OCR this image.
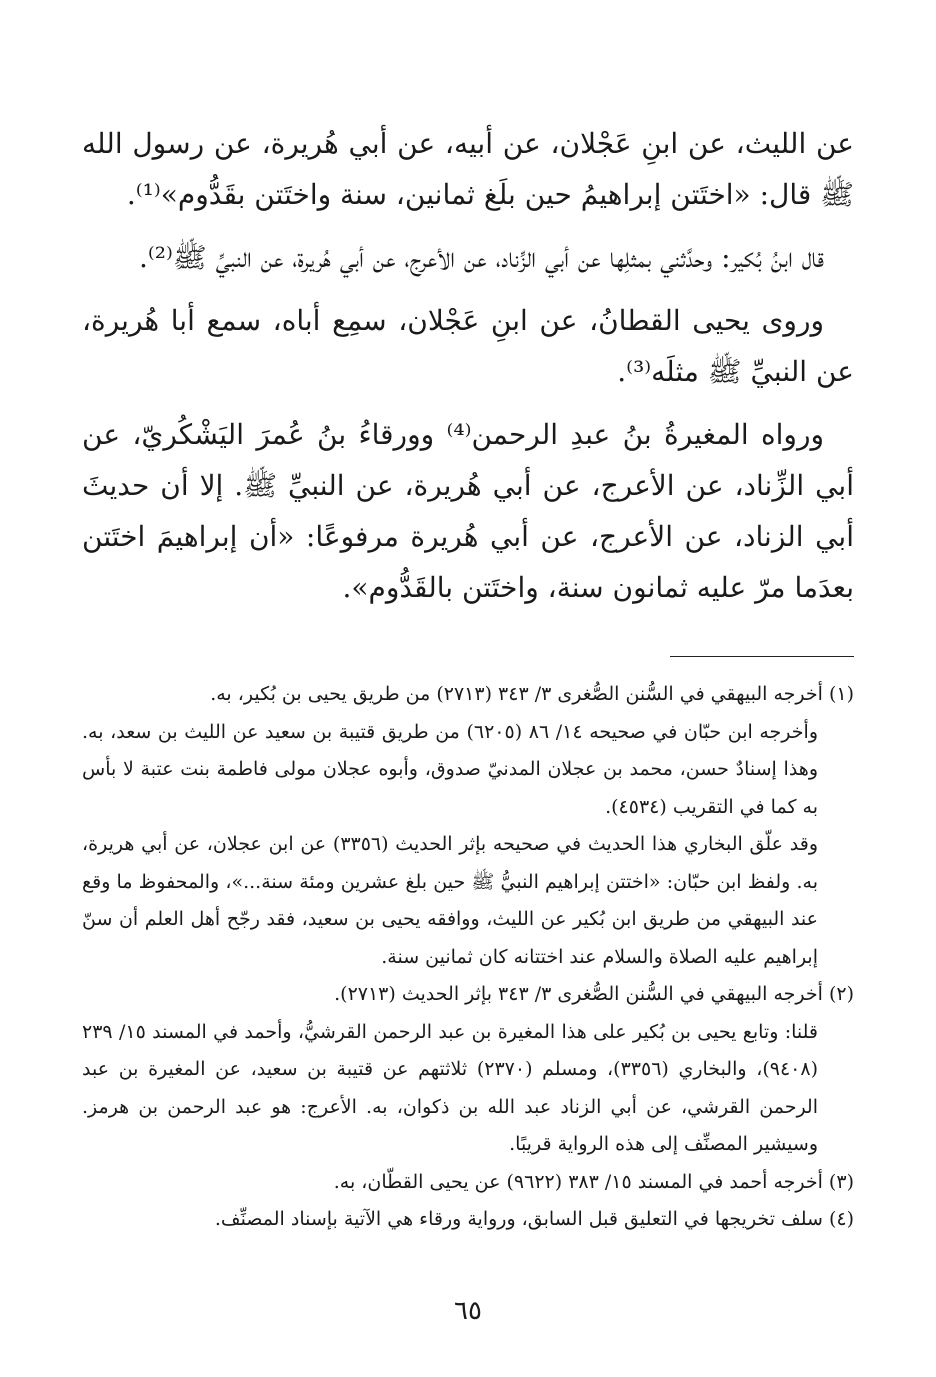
عن الليث، عن ابنِ عَجْلان، عن أبيه، عن أبي هُريرة، عن رسول الله ﷺ قال: «اختَتن إبراهيمُ حين بلَغ ثمانين، سنة واختَتن بقَدُّوم»⁽¹⁾.

قال ابنُ بُكير: وحدَّثني بمثلِها عن أبي الزِّناد، عن الأعرج، عن أبي هُريرة، عن النبيِّ ﷺ⁽²⁾.

وروى يحيى القطانُ، عن ابنِ عَجْلان، سمِع أباه، سمع أبا هُريرة، عن النبيِّ ﷺ مثلَه⁽³⁾.

ورواه المغيرةُ بنُ عبدِ الرحمن⁽⁴⁾ وورقاءُ بنُ عُمرَ اليَشْكُريّ، عن أبي الزِّناد، عن الأعرج، عن أبي هُريرة، عن النبيِّ ﷺ. إلا أن حديثَ أبي الزناد، عن الأعرج، عن أبي هُريرة مرفوعًا: «أن إبراهيمَ اختَتن بعدَما مرّ عليه ثمانون سنة، واختَتن بالقَدُّوم».

(١) أخرجه البيهقي في السُّنن الصُّغرى ٣/ ٣٤٣ (٢٧١٣) من طريق يحيى بن بُكير، به.

وأخرجه ابن حبّان في صحيحه ١٤/ ٨٦ (٦٢٠٥) من طريق قتيبة بن سعيد عن الليث بن سعد، به. وهذا إسنادٌ حسن، محمد بن عجلان المدنيّ صدوق، وأبوه عجلان مولى فاطمة بنت عتبة لا بأس به كما في التقريب (٤٥٣٤).

وقد علّق البخاري هذا الحديث في صحيحه بإثر الحديث (٣٣٥٦) عن ابن عجلان، عن أبي هريرة، به. ولفظ ابن حبّان: «اختتن إبراهيم النبيُّ ﷺ حين بلغ عشرين ومئة سنة...»، والمحفوظ ما وقع عند البيهقي من طريق ابن بُكير عن الليث، ووافقه يحيى بن سعيد، فقد رجّح أهل العلم أن سنّ إبراهيم عليه الصلاة والسلام عند اختتانه كان ثمانين سنة.

(٢) أخرجه البيهقي في السُّنن الصُّغرى ٣/ ٣٤٣ بإثر الحديث (٢٧١٣).

قلنا: وتابع يحيى بن بُكير على هذا المغيرة بن عبد الرحمن القرشيُّ، وأحمد في المسند ١٥/ ٢٣٩ (٩٤٠٨)، والبخاري (٣٣٥٦)، ومسلم (٢٣٧٠) ثلاثتهم عن قتيبة بن سعيد، عن المغيرة بن عبد الرحمن القرشي، عن أبي الزناد عبد الله بن ذكوان، به. الأعرج: هو عبد الرحمن بن هرمز. وسيشير المصنِّف إلى هذه الرواية قريبًا.

(٣) أخرجه أحمد في المسند ١٥/ ٣٨٣ (٩٦٢٢) عن يحيى القطّان، به.

(٤) سلف تخريجها في التعليق قبل السابق، ورواية ورقاء هي الآتية بإسناد المصنِّف.

٦٥
